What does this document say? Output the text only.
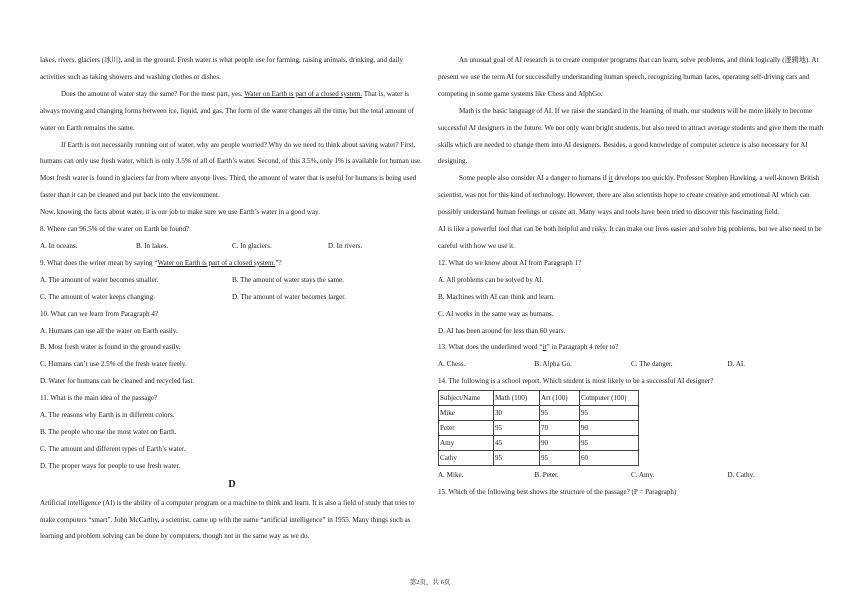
lakes, rivers, glaciers (冰川), and in the ground. Fresh water is what people use for farming, raising animals, drinking, and daily activities such as taking showers and washing clothes or dishes.

Does the amount of water stay the same? For the most part, yes. Water on Earth is part of a closed system. That is, water is always moving and changing forms between ice, liquid, and gas. The form of the water changes all the time, but the total amount of water on Earth remains the same.

If Earth is not necessarily running out of water, why are people worried? Why do we need to think about saving water? First, humans can only use fresh water, which is only 3.5% of all of Earth’s water. Second, of this 3.5%, only 1% is available for human use. Most fresh water is found in glaciers far from where anyone lives. Third, the amount of water that is useful for humans is being used faster than it can be cleaned and put back into the environment.

Now, knowing the facts about water, it is our job to make sure we use Earth’s water in a good way.

8. Where can 96.5% of the water on Earth be found?

A. In oceans.	B. In lakes.	C. In glaciers.	D. In rivers.

9. What does the writer mean by saying “Water on Earth is part of a closed system.”?

A. The amount of water becomes smaller.	B. The amount of water stays the same.
C. The amount of water keeps changing.	D. The amount of water becomes larger.

10. What can we learn from Paragraph 4?

A. Humans can use all the water on Earth easily.

B. Most fresh water is found in the ground easily.

C. Humans can’t use 2.5% of the fresh water freely.

D. Water for humans can be cleaned and recycled fast.

11. What is the main idea of the passage?

A. The reasons why Earth is in different colors.

B. The people who use the most water on Earth.

C. The amount and different types of Earth’s water.

D. The proper ways for people to use fresh water.

D

Artificial intelligence (AI) is the ability of a computer program or a machine to think and learn. It is also a field of study that tries to make computers “smart”. John McCarthy, a scientist, came up with the name “artificial intelligence” in 1955. Many things such as learning and problem solving can be done by computers, though not in the same way as we do.

An unusual goal of AI research is to create computer programs that can learn, solve problems, and think logically (逻辑地). At present we use the term AI for successfully understanding human speech, recognizing human faces, operating self-driving cars and competing in some game systems like Chess and AlphGo.

Math is the basic language of AI. If we raise the standard in the learning of math, our students will be more likely to become successful AI designers in the future. We not only want bright students, but also need to attract average students and give them the math skills which are needed to change them into AI designers. Besides, a good knowledge of computer science is also necessary for AI designing.

Some people also consider AI a danger to humans if it develops too quickly. Professor Stephen Hawking, a well-known British scientist, was not for this kind of technology. However, there are also scientists hope to create creative and emotional AI which can possibly understand human feelings or create art. Many ways and tools have been tried to discover this fascinating field.

AI is like a powerful tool that can be both helpful and risky. It can make our lives easier and solve big problems, but we also need to be careful with how we use it.

12. What do we know about AI from Paragraph 1?

A. All problems can be solved by AI.

B. Machines with AI can think and learn.

C. AI works in the same way as humans.

D. AI has been around for less than 60 years.

13. What does the underlined word “it” in Paragraph 4 refer to?

A. Chess.	B. Alpha Go.	C. The danger.	D. AI.

14. The following is a school report. Which student is most likely to be a successful AI designer?

Subject/Name	Math (100)	Art (100)	Computer (100)
Mike	30	95	95
Peter	95	70	90
Amy	45	90	95
Cathy	95	95	60
A. Mike.	B. Peter.	C. Amy.	D. Cathy.

15. Which of the following best shows the structure of the passage? (P = Paragraph)

第2页，共 6页
